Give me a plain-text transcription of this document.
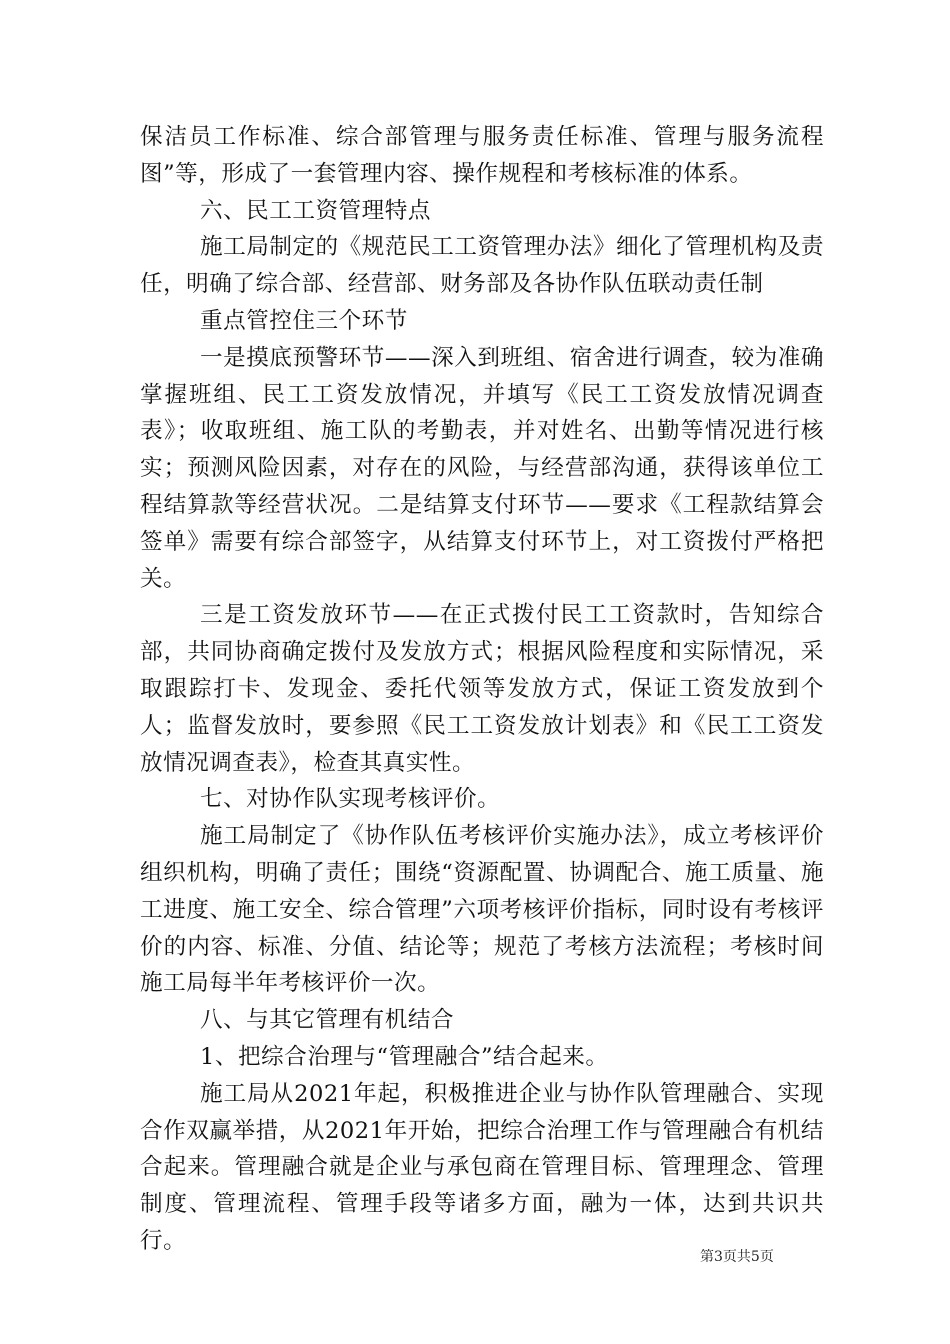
保洁员工作标准、综合部管理与服务责任标准、管理与服务流程图”等，形成了一套管理内容、操作规程和考核标准的体系。

六、民工工资管理特点

施工局制定的《规范民工工资管理办法》细化了管理机构及责任，明确了综合部、经营部、财务部及各协作队伍联动责任制

重点管控住三个环节

一是摸底预警环节——深入到班组、宿舍进行调查，较为准确掌握班组、民工工资发放情况，并填写《民工工资发放情况调查表》；收取班组、施工队的考勤表，并对姓名、出勤等情况进行核实；预测风险因素，对存在的风险，与经营部沟通，获得该单位工程结算款等经营状况。二是结算支付环节——要求《工程款结算会签单》需要有综合部签字，从结算支付环节上，对工资拨付严格把关。

三是工资发放环节——在正式拨付民工工资款时，告知综合部，共同协商确定拨付及发放方式；根据风险程度和实际情况，采取跟踪打卡、发现金、委托代领等发放方式，保证工资发放到个人；监督发放时，要参照《民工工资发放计划表》和《民工工资发放情况调查表》，检查其真实性。

七、对协作队实现考核评价。

施工局制定了《协作队伍考核评价实施办法》，成立考核评价组织机构，明确了责任；围绕“资源配置、协调配合、施工质量、施工进度、施工安全、综合管理”六项考核评价指标，同时设有考核评价的内容、标准、分值、结论等；规范了考核方法流程；考核时间施工局每半年考核评价一次。

八、与其它管理有机结合

1、把综合治理与“管理融合”结合起来。

施工局从2021年起，积极推进企业与协作队管理融合、实现合作双赢举措，从2021年开始，把综合治理工作与管理融合有机结合起来。管理融合就是企业与承包商在管理目标、管理理念、管理制度、管理流程、管理手段等诸多方面，融为一体，达到共识共行。

第3页共5页
